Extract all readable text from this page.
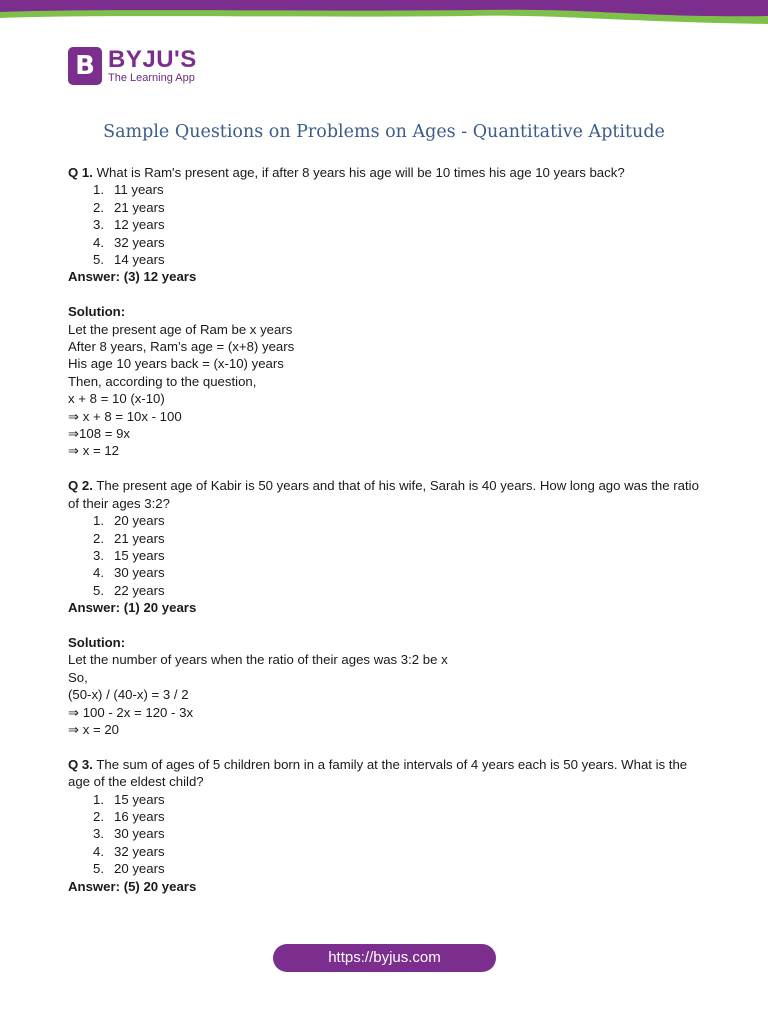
B BYJU'S
The Learning App
Sample Questions on Problems on Ages - Quantitative Aptitude
Q 1. What is Ram's present age, if after 8 years his age will be 10 times his age 10 years back?
1. 11 years
2. 21 years
3. 12 years
4. 32 years
5. 14 years
Answer: (3) 12 years
Solution:
Let the present age of Ram be x years
After 8 years, Ram’s age = (x+8) years
His age 10 years back = (x-10) years
Then, according to the question,
x + 8 = 10 (x-10)
⇒ x + 8 = 10x - 100
⇒108 = 9x
⇒ x = 12
Q 2. The present age of Kabir is 50 years and that of his wife, Sarah is 40 years. How long ago was the ratio of their ages 3:2?
1. 20 years
2. 21 years
3. 15 years
4. 30 years
5. 22 years
Answer: (1) 20 years
Solution:
Let the number of years when the ratio of their ages was 3:2 be x
So,
(50-x) / (40-x) = 3 / 2
⇒ 100 - 2x = 120 - 3x
⇒ x = 20
Q 3. The sum of ages of 5 children born in a family at the intervals of 4 years each is 50 years. What is the age of the eldest child?
1. 15 years
2. 16 years
3. 30 years
4. 32 years
5. 20 years
Answer: (5) 20 years
https://byjus.com
